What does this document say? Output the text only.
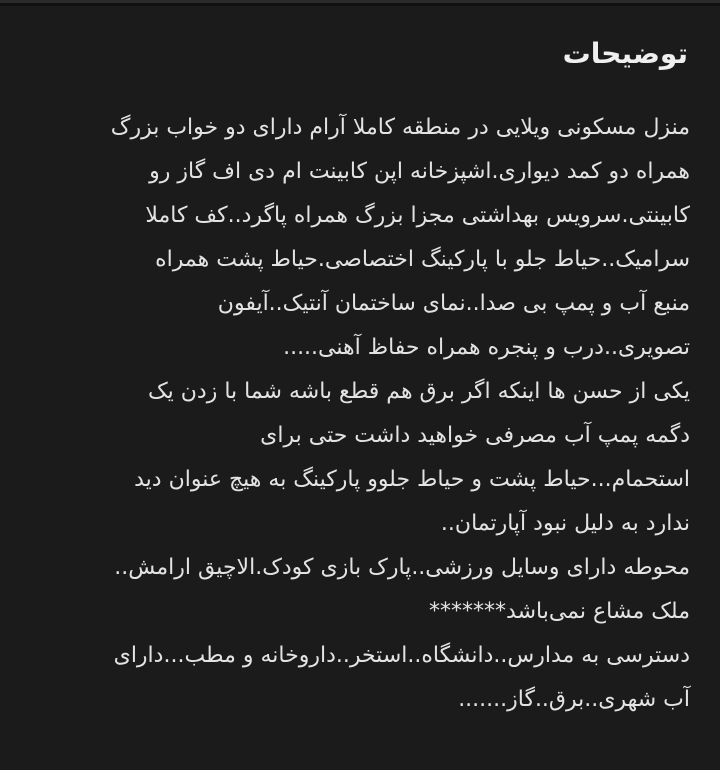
توضیحات
منزل مسکونی ویلایی در منطقه کاملا آرام دارای دو خواب بزرگ
همراه دو کمد دیواری.اشپزخانه اپن کابینت ام دی اف گاز رو
کابینتی.سرویس بهداشتی مجزا بزرگ همراه پاگرد..کف کاملا
سرامیک..حیاط جلو با پارکینگ اختصاصی.حیاط پشت همراه
منبع آب و پمپ بی صدا..نمای ساختمان آنتیک..آیفون
تصویری..درب و پنجره همراه حفاظ آهنی.....
یکی از حسن ها اینکه اگر برق هم قطع باشه شما با زدن یک
دگمه پمپ آب مصرفی خواهید داشت حتی برای
استحمام...حیاط پشت و حیاط جلوو پارکینگ به هیچ عنوان دید
ندارد به دلیل نبود آپارتمان..
محوطه دارای وسایل ورزشی..پارک بازی کودک.الاچیق ارامش..
ملک مشاع نمی‌باشد*******
دسترسی به مدارس..دانشگاه..استخر..داروخانه و مطب...دارای
آب شهری..برق..گاز.......
